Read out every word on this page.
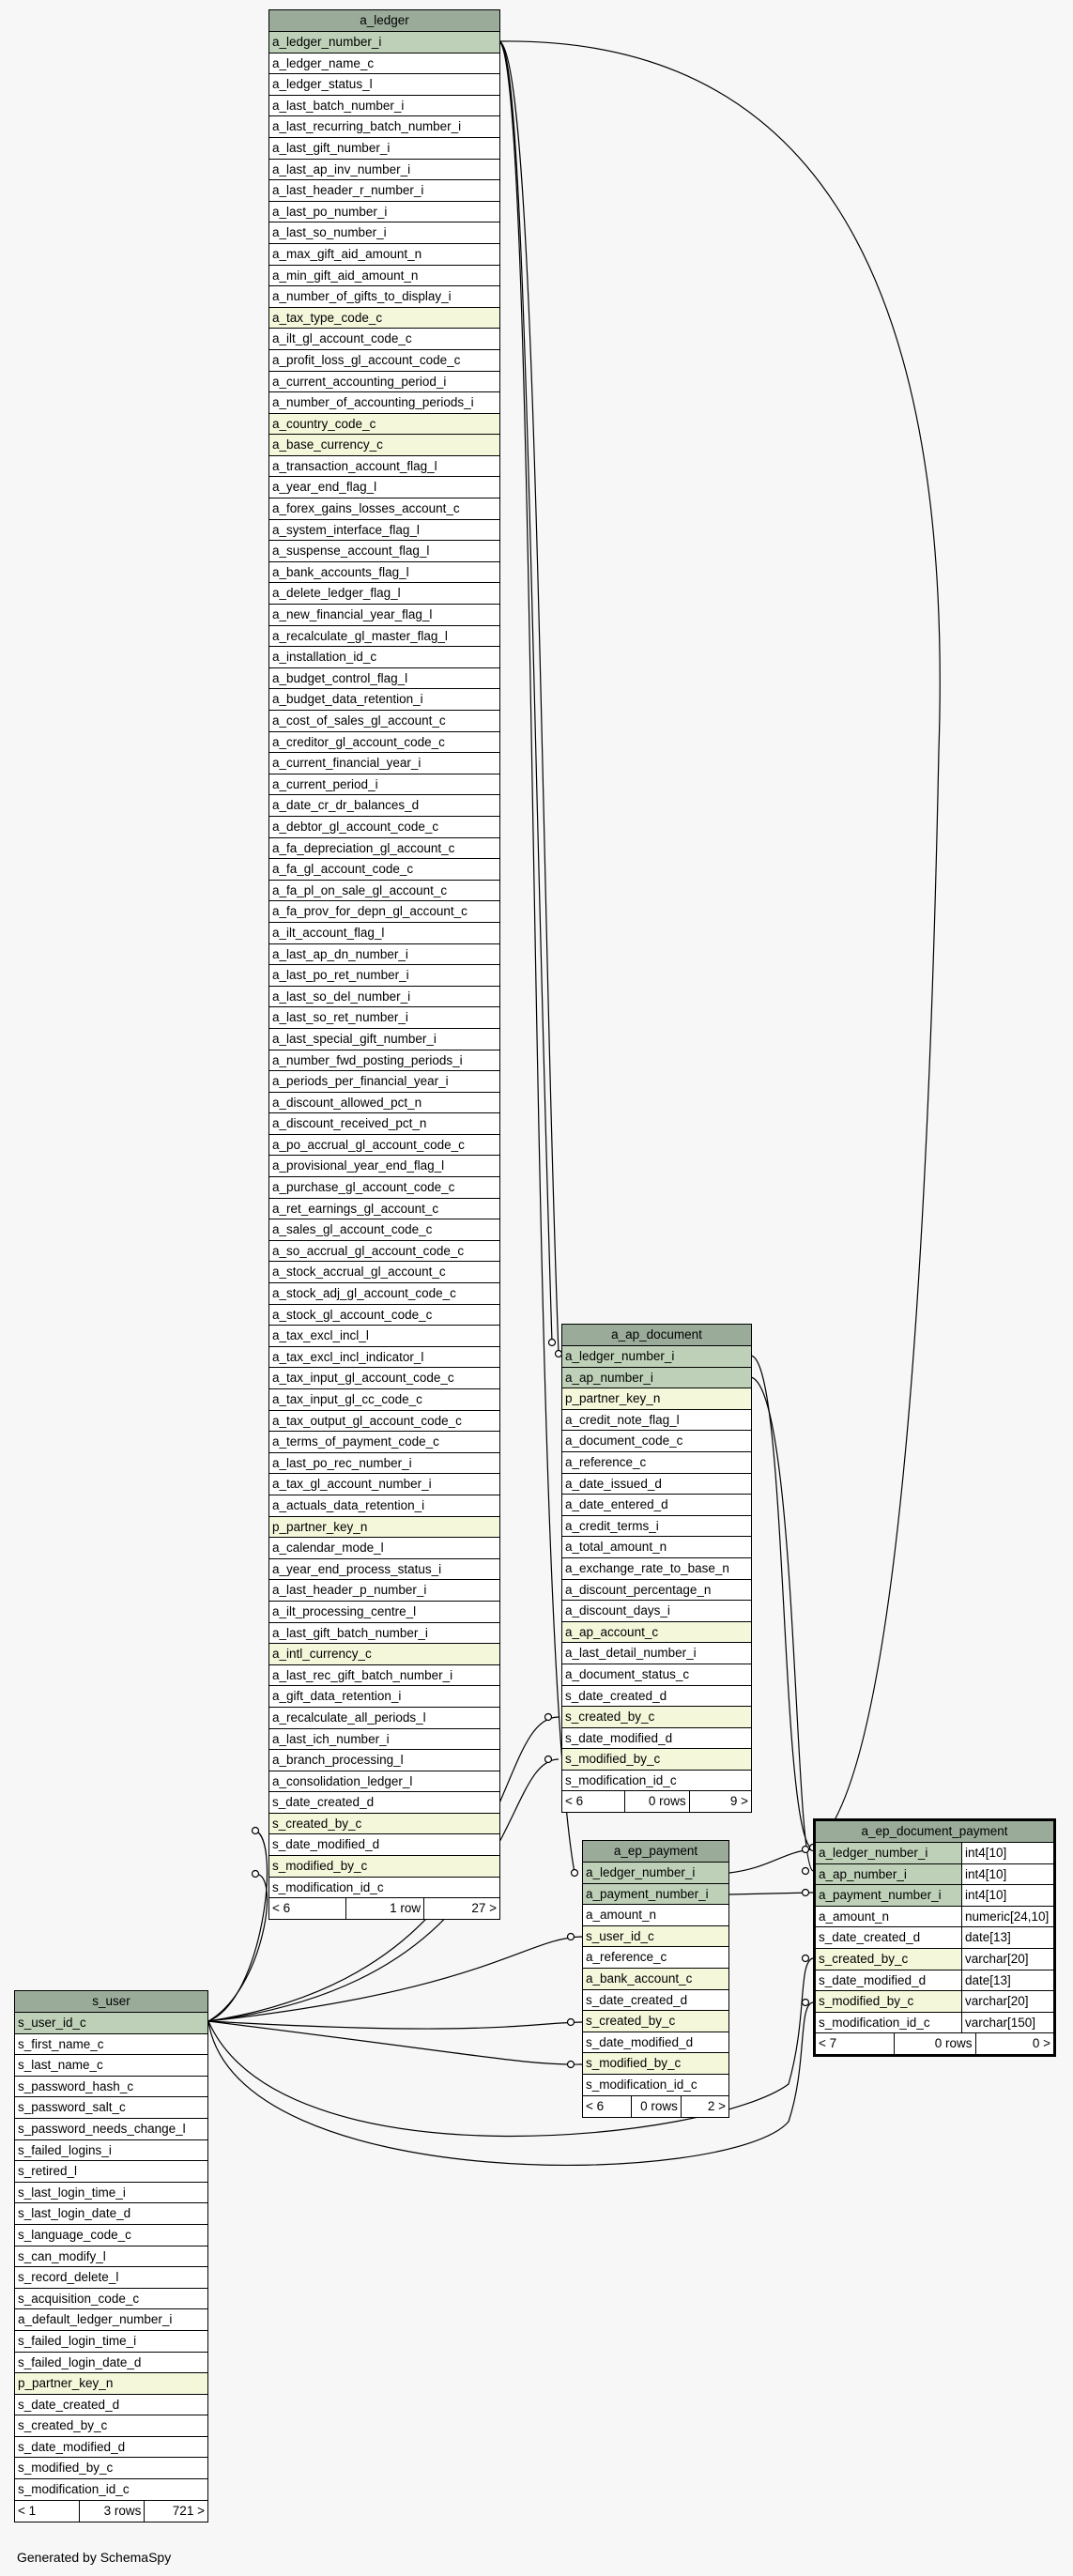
a_ledger
a_ledger_number_i
a_ledger_name_c
a_ledger_status_l
a_last_batch_number_i
a_last_recurring_batch_number_i
a_last_gift_number_i
a_last_ap_inv_number_i
a_last_header_r_number_i
a_last_po_number_i
a_last_so_number_i
a_max_gift_aid_amount_n
a_min_gift_aid_amount_n
a_number_of_gifts_to_display_i
a_tax_type_code_c
a_ilt_gl_account_code_c
a_profit_loss_gl_account_code_c
a_current_accounting_period_i
a_number_of_accounting_periods_i
a_country_code_c
a_base_currency_c
a_transaction_account_flag_l
a_year_end_flag_l
a_forex_gains_losses_account_c
a_system_interface_flag_l
a_suspense_account_flag_l
a_bank_accounts_flag_l
a_delete_ledger_flag_l
a_new_financial_year_flag_l
a_recalculate_gl_master_flag_l
a_installation_id_c
a_budget_control_flag_l
a_budget_data_retention_i
a_cost_of_sales_gl_account_c
a_creditor_gl_account_code_c
a_current_financial_year_i
a_current_period_i
a_date_cr_dr_balances_d
a_debtor_gl_account_code_c
a_fa_depreciation_gl_account_c
a_fa_gl_account_code_c
a_fa_pl_on_sale_gl_account_c
a_fa_prov_for_depn_gl_account_c
a_ilt_account_flag_l
a_last_ap_dn_number_i
a_last_po_ret_number_i
a_last_so_del_number_i
a_last_so_ret_number_i
a_last_special_gift_number_i
a_number_fwd_posting_periods_i
a_periods_per_financial_year_i
a_discount_allowed_pct_n
a_discount_received_pct_n
a_po_accrual_gl_account_code_c
a_provisional_year_end_flag_l
a_purchase_gl_account_code_c
a_ret_earnings_gl_account_c
a_sales_gl_account_code_c
a_so_accrual_gl_account_code_c
a_stock_accrual_gl_account_c
a_stock_adj_gl_account_code_c
a_stock_gl_account_code_c
a_tax_excl_incl_l
a_tax_excl_incl_indicator_l
a_tax_input_gl_account_code_c
a_tax_input_gl_cc_code_c
a_tax_output_gl_account_code_c
a_terms_of_payment_code_c
a_last_po_rec_number_i
a_tax_gl_account_number_i
a_actuals_data_retention_i
p_partner_key_n
a_calendar_mode_l
a_year_end_process_status_i
a_last_header_p_number_i
a_ilt_processing_centre_l
a_last_gift_batch_number_i
a_intl_currency_c
a_last_rec_gift_batch_number_i
a_gift_data_retention_i
a_recalculate_all_periods_l
a_last_ich_number_i
a_branch_processing_l
a_consolidation_ledger_l
s_date_created_d
s_created_by_c
s_date_modified_d
s_modified_by_c
s_modification_id_c
< 6	1 row	27 >
a_ap_document
a_ledger_number_i
a_ap_number_i
p_partner_key_n
a_credit_note_flag_l
a_document_code_c
a_reference_c
a_date_issued_d
a_date_entered_d
a_credit_terms_i
a_total_amount_n
a_exchange_rate_to_base_n
a_discount_percentage_n
a_discount_days_i
a_ap_account_c
a_last_detail_number_i
a_document_status_c
s_date_created_d
s_created_by_c
s_date_modified_d
s_modified_by_c
s_modification_id_c
< 6	0 rows	9 >
a_ep_payment
a_ledger_number_i
a_payment_number_i
a_amount_n
s_user_id_c
a_reference_c
a_bank_account_c
s_date_created_d
s_created_by_c
s_date_modified_d
s_modified_by_c
s_modification_id_c
< 6	0 rows	2 >
a_ep_document_payment
a_ledger_number_i	int4[10]
a_ap_number_i	int4[10]
a_payment_number_i	int4[10]
a_amount_n	numeric[24,10]
s_date_created_d	date[13]
s_created_by_c	varchar[20]
s_date_modified_d	date[13]
s_modified_by_c	varchar[20]
s_modification_id_c	varchar[150]
< 7	0 rows	0 >
s_user
s_user_id_c
s_first_name_c
s_last_name_c
s_password_hash_c
s_password_salt_c
s_password_needs_change_l
s_failed_logins_i
s_retired_l
s_last_login_time_i
s_last_login_date_d
s_language_code_c
s_can_modify_l
s_record_delete_l
s_acquisition_code_c
a_default_ledger_number_i
s_failed_login_time_i
s_failed_login_date_d
p_partner_key_n
s_date_created_d
s_created_by_c
s_date_modified_d
s_modified_by_c
s_modification_id_c
< 1	3 rows	721 >
Generated by SchemaSpy
